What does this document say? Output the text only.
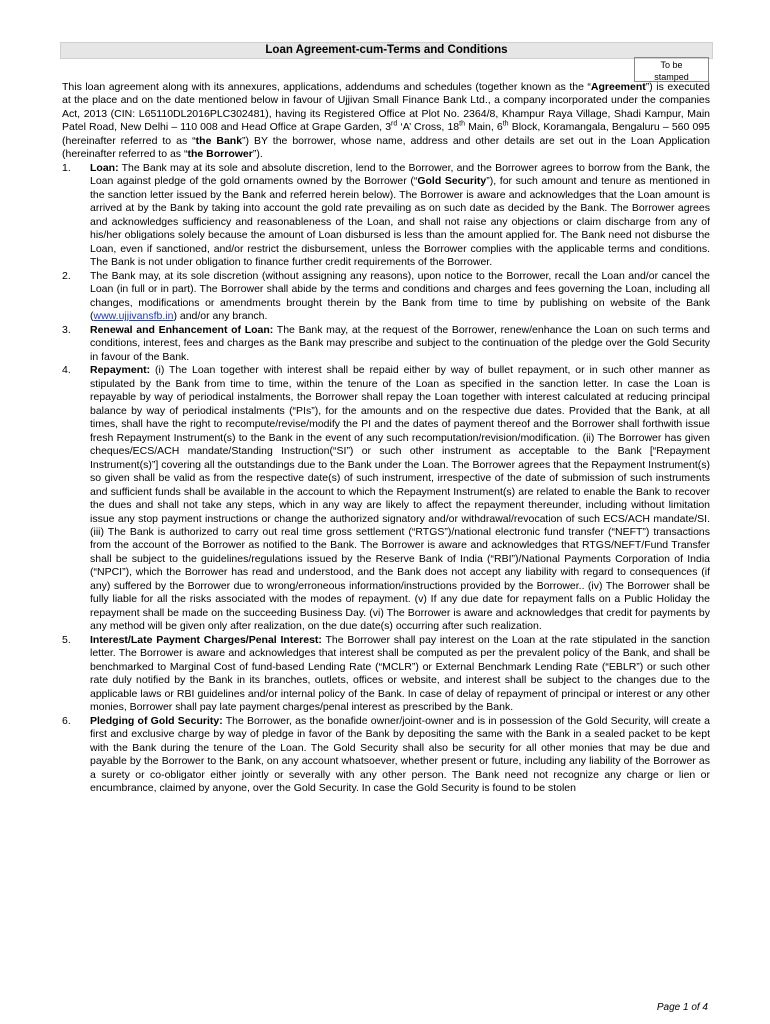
Loan Agreement-cum-Terms and Conditions
To be
stamped

This loan agreement along with its annexures, applications, addendums and schedules (together known as the “Agreement”) is executed at the place and on the date mentioned below in favour of Ujjivan Small Finance Bank Ltd., a company incorporated under the companies Act, 2013 (CIN: L65110DL2016PLC302481), having its Registered Office at Plot No. 2364/8, Khampur Raya Village, Shadi Kampur, Main Patel Road, New Delhi – 110 008 and Head Office at Grape Garden, 3rd ‘A’ Cross, 18th Main, 6th Block, Koramangala, Bengaluru – 560 095 (hereinafter referred to as “the Bank”) BY the borrower, whose name, address and other details are set out in the Loan Application (hereinafter referred to as “the Borrower”).

1.	Loan: The Bank may at its sole and absolute discretion, lend to the Borrower, and the Borrower agrees to borrow from the Bank, the Loan against pledge of the gold ornaments owned by the Borrower (“Gold Security”), for such amount and tenure as mentioned in the sanction letter issued by the Bank and referred herein below). The Borrower is aware and acknowledges that the Loan amount is arrived at by the Bank by taking into account the gold rate prevailing as on such date as decided by the Bank. The Borrower agrees and acknowledges sufficiency and reasonableness of the Loan, and shall not raise any objections or claim discharge from any of his/her obligations solely because the amount of Loan disbursed is less than the amount applied for. The Bank need not disburse the Loan, even if sanctioned, and/or restrict the disbursement, unless the Borrower complies with the applicable terms and conditions. The Bank is not under obligation to finance further credit requirements of the Borrower.
2.	The Bank may, at its sole discretion (without assigning any reasons), upon notice to the Borrower, recall the Loan and/or cancel the Loan (in full or in part). The Borrower shall abide by the terms and conditions and charges and fees governing the Loan, including all changes, modifications or amendments brought therein by the Bank from time to time by publishing on website of the Bank (www.ujjivansfb.in) and/or any branch.
3.	Renewal and Enhancement of Loan: The Bank may, at the request of the Borrower, renew/enhance the Loan on such terms and conditions, interest, fees and charges as the Bank may prescribe and subject to the continuation of the pledge over the Gold Security in favour of the Bank.
4.	Repayment: (i) The Loan together with interest shall be repaid either by way of bullet repayment, or in such other manner as stipulated by the Bank from time to time, within the tenure of the Loan as specified in the sanction letter. In case the Loan is repayable by way of periodical instalments, the Borrower shall repay the Loan together with interest calculated at reducing principal balance by way of periodical instalments (“PIs”), for the amounts and on the respective due dates. Provided that the Bank, at all times, shall have the right to recompute/revise/modify the PI and the dates of payment thereof and the Borrower shall forthwith issue fresh Repayment Instrument(s) to the Bank in the event of any such recomputation/revision/modification. (ii) The Borrower has given cheques/ECS/ACH mandate/Standing Instruction(“SI”) or such other instrument as acceptable to the Bank [“Repayment Instrument(s)”] covering all the outstandings due to the Bank under the Loan. The Borrower agrees that the Repayment Instrument(s) so given shall be valid as from the respective date(s) of such instrument, irrespective of the date of submission of such instruments and sufficient funds shall be available in the account to which the Repayment Instrument(s) are related to enable the Bank to recover the dues and shall not take any steps, which in any way are likely to affect the repayment thereunder, including without limitation issue any stop payment instructions or change the authorized signatory and/or withdrawal/revocation of such ECS/ACH mandate/SI. (iii) The Bank is authorized to carry out real time gross settlement (“RTGS”)/national electronic fund transfer (“NEFT”) transactions from the account of the Borrower as notified to the Bank. The Borrower is aware and acknowledges that RTGS/NEFT/Fund Transfer shall be subject to the guidelines/regulations issued by the Reserve Bank of India (“RBI”)/National Payments Corporation of India (“NPCI”), which the Borrower has read and understood, and the Bank does not accept any liability with regard to consequences (if any) suffered by the Borrower due to wrong/erroneous information/instructions provided by the Borrower.. (iv) The Borrower shall be fully liable for all the risks associated with the modes of repayment. (v) If any due date for repayment falls on a Public Holiday the repayment shall be made on the succeeding Business Day. (vi) The Borrower is aware and acknowledges that credit for payments by any method will be given only after realization, on the due date(s) occurring after such realization.
5.	Interest/Late Payment Charges/Penal Interest: The Borrower shall pay interest on the Loan at the rate stipulated in the sanction letter. The Borrower is aware and acknowledges that interest shall be computed as per the prevalent policy of the Bank, and shall be benchmarked to Marginal Cost of fund-based Lending Rate (“MCLR”) or External Benchmark Lending Rate (“EBLR”) or such other rate duly notified by the Bank in its branches, outlets, offices or website, and interest shall be subject to the changes due to the applicable laws or RBI guidelines and/or internal policy of the Bank. In case of delay of repayment of principal or interest or any other monies, Borrower shall pay late payment charges/penal interest as prescribed by the Bank.
6.	Pledging of Gold Security: The Borrower, as the bonafide owner/joint-owner and is in possession of the Gold Security, will create a first and exclusive charge by way of pledge in favor of the Bank by depositing the same with the Bank in a sealed packet to be kept with the Bank during the tenure of the Loan. The Gold Security shall also be security for all other monies that may be due and payable by the Borrower to the Bank, on any account whatsoever, whether present or future, including any liability of the Borrower as a surety or co-obligator either jointly or severally with any other person. The Bank need not recognize any charge or lien or encumbrance, claimed by anyone, over the Gold Security. In case the Gold Security is found to be stolen
Page 1 of 4
